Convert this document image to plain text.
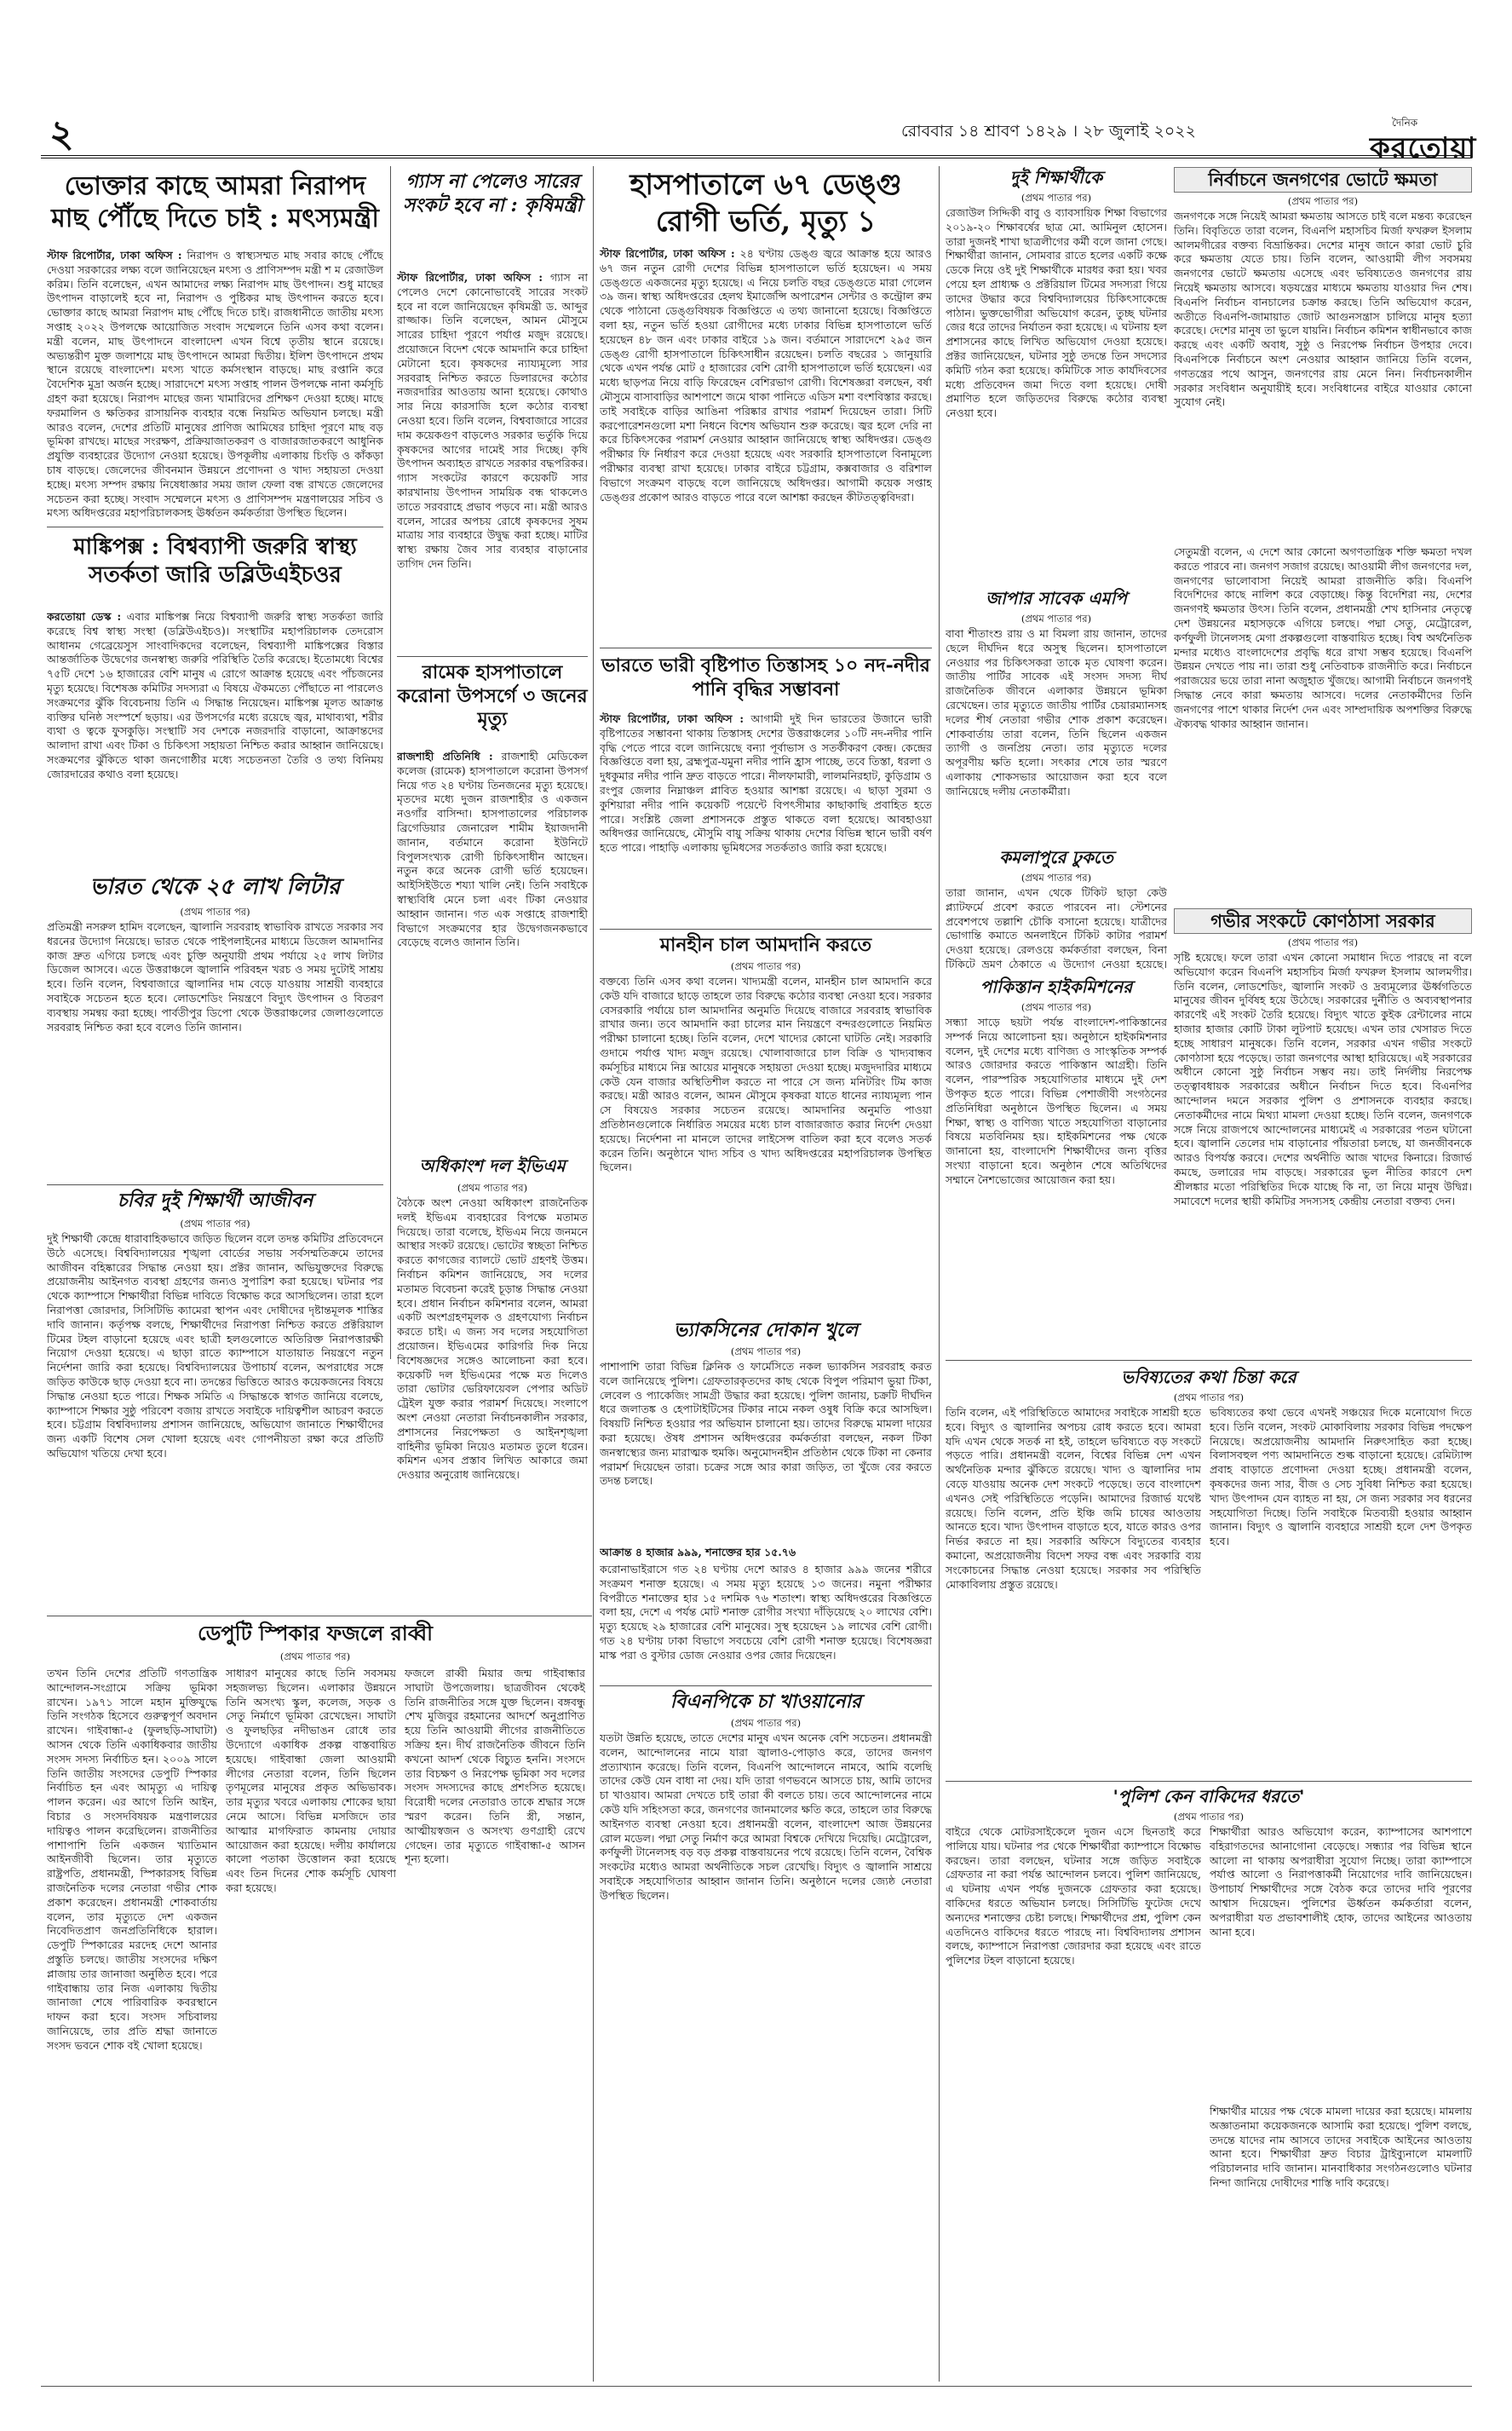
২	রোববার ১৪ শ্রাবণ ১৪২৯ । ২৮ জুলাই ২০২২	দৈনিক
করতোয়া
ভোক্তার কাছে আমরা নিরাপদ মাছ পৌঁছে দিতে চাই : মৎস্যমন্ত্রী
স্টাফ রিপোর্টার, ঢাকা অফিস : নিরাপদ ও স্বাস্থ্যসম্মত মাছ সবার কাছে পৌঁছে দেওয়া সরকারের লক্ষ্য বলে জানিয়েছেন মৎস্য ও প্রাণিসম্পদ মন্ত্রী শ ম রেজাউল করিম। তিনি বলেছেন, এখন আমাদের লক্ষ্য নিরাপদ মাছ উৎপাদন। শুধু মাছের উৎপাদন বাড়ালেই হবে না, নিরাপদ ও পুষ্টিকর মাছ উৎপাদন করতে হবে। ভোক্তার কাছে আমরা নিরাপদ মাছ পৌঁছে দিতে চাই। রাজধানীতে জাতীয় মৎস্য সপ্তাহ ২০২২ উপলক্ষে আয়োজিত সংবাদ সম্মেলনে তিনি এসব কথা বলেন। মন্ত্রী বলেন, মাছ উৎপাদনে বাংলাদেশ এখন বিশ্বে তৃতীয় স্থানে রয়েছে। অভ্যন্তরীণ মুক্ত জলাশয়ে মাছ উৎপাদনে আমরা দ্বিতীয়। ইলিশ উৎপাদনে প্রথম স্থানে রয়েছে বাংলাদেশ। মৎস্য খাতে কর্মসংস্থান বাড়ছে। মাছ রপ্তানি করে বৈদেশিক মুদ্রা অর্জন হচ্ছে। সারাদেশে মৎস্য সপ্তাহ পালন উপলক্ষে নানা কর্মসূচি গ্রহণ করা হয়েছে। নিরাপদ মাছের জন্য খামারিদের প্রশিক্ষণ দেওয়া হচ্ছে। মাছে ফরমালিন ও ক্ষতিকর রাসায়নিক ব্যবহার বন্ধে নিয়মিত অভিযান চলছে। মন্ত্রী আরও বলেন, দেশের প্রতিটি মানুষের প্রাণিজ আমিষের চাহিদা পূরণে মাছ বড় ভূমিকা রাখছে। মাছের সংরক্ষণ, প্রক্রিয়াজাতকরণ ও বাজারজাতকরণে আধুনিক প্রযুক্তি ব্যবহারের উদ্যোগ নেওয়া হয়েছে। উপকূলীয় এলাকায় চিংড়ি ও কাঁকড়া চাষ বাড়ছে। জেলেদের জীবনমান উন্নয়নে প্রণোদনা ও খাদ্য সহায়তা দেওয়া হচ্ছে। মৎস্য সম্পদ রক্ষায় নিষেধাজ্ঞার সময় জাল ফেলা বন্ধ রাখতে জেলেদের সচেতন করা হচ্ছে। সংবাদ সম্মেলনে মৎস্য ও প্রাণিসম্পদ মন্ত্রণালয়ের সচিব ও মৎস্য অধিদপ্তরের মহাপরিচালকসহ ঊর্ধ্বতন কর্মকর্তারা উপস্থিত ছিলেন।
মাঙ্কিপক্স : বিশ্বব্যাপী জরুরি স্বাস্থ্য সতর্কতা জারি ডব্লিউএইচওর
করতোয়া ডেস্ক : এবার মাঙ্কিপক্স নিয়ে বিশ্বব্যাপী জরুরি স্বাস্থ্য সতর্কতা জারি করেছে বিশ্ব স্বাস্থ্য সংস্থা (ডব্লিউএইচও)। সংস্থাটির মহাপরিচালক তেদরোস আধানম গেব্রেয়েসুস সাংবাদিকদের বলেছেন, বিশ্বব্যাপী মাঙ্কিপক্সের বিস্তার আন্তর্জাতিক উদ্বেগের জনস্বাস্থ্য জরুরি পরিস্থিতি তৈরি করেছে। ইতোমধ্যে বিশ্বের ৭৫টি দেশে ১৬ হাজারের বেশি মানুষ এ রোগে আক্রান্ত হয়েছে এবং পাঁচজনের মৃত্যু হয়েছে। বিশেষজ্ঞ কমিটির সদস্যরা এ বিষয়ে ঐকমত্যে পৌঁছাতে না পারলেও সংক্রমণের ঝুঁকি বিবেচনায় তিনি এ সিদ্ধান্ত নিয়েছেন। মাঙ্কিপক্স মূলত আক্রান্ত ব্যক্তির ঘনিষ্ঠ সংস্পর্শে ছড়ায়। এর উপসর্গের মধ্যে রয়েছে জ্বর, মাথাব্যথা, শরীর ব্যথা ও ত্বকে ফুসকুড়ি। সংস্থাটি সব দেশকে নজরদারি বাড়ানো, আক্রান্তদের আলাদা রাখা এবং টিকা ও চিকিৎসা সহায়তা নিশ্চিত করার আহ্বান জানিয়েছে। সংক্রমণের ঝুঁকিতে থাকা জনগোষ্ঠীর মধ্যে সচেতনতা তৈরি ও তথ্য বিনিময় জোরদারের কথাও বলা হয়েছে।
ভারত থেকে ২৫ লাখ লিটার
(প্রথম পাতার পর)
প্রতিমন্ত্রী নসরুল হামিদ বলেছেন, জ্বালানি সরবরাহ স্বাভাবিক রাখতে সরকার সব ধরনের উদ্যোগ নিয়েছে। ভারত থেকে পাইপলাইনের মাধ্যমে ডিজেল আমদানির কাজ দ্রুত এগিয়ে চলছে এবং চুক্তি অনুযায়ী প্রথম পর্যায়ে ২৫ লাখ লিটার ডিজেল আসবে। এতে উত্তরাঞ্চলে জ্বালানি পরিবহন খরচ ও সময় দুটোই সাশ্রয় হবে। তিনি বলেন, বিশ্ববাজারে জ্বালানির দাম বেড়ে যাওয়ায় সাশ্রয়ী ব্যবহারে সবাইকে সচেতন হতে হবে। লোডশেডিং নিয়ন্ত্রণে বিদ্যুৎ উৎপাদন ও বিতরণ ব্যবস্থায় সমন্বয় করা হচ্ছে। পার্বতীপুর ডিপো থেকে উত্তরাঞ্চলের জেলাগুলোতে সরবরাহ নিশ্চিত করা হবে বলেও তিনি জানান।
চবির দুই শিক্ষার্থী আজীবন
(প্রথম পাতার পর)
দুই শিক্ষার্থী কেন্দ্রে ধারাবাহিকভাবে জড়িত ছিলেন বলে তদন্ত কমিটির প্রতিবেদনে উঠে এসেছে। বিশ্ববিদ্যালয়ের শৃঙ্খলা বোর্ডের সভায় সর্বসম্মতিক্রমে তাদের আজীবন বহিষ্কারের সিদ্ধান্ত নেওয়া হয়। প্রক্টর জানান, অভিযুক্তদের বিরুদ্ধে প্রয়োজনীয় আইনগত ব্যবস্থা গ্রহণের জন্যও সুপারিশ করা হয়েছে। ঘটনার পর থেকে ক্যাম্পাসে শিক্ষার্থীরা বিভিন্ন দাবিতে বিক্ষোভ করে আসছিলেন। তারা হলে নিরাপত্তা জোরদার, সিসিটিভি ক্যামেরা স্থাপন এবং দোষীদের দৃষ্টান্তমূলক শাস্তির দাবি জানান। কর্তৃপক্ষ বলছে, শিক্ষার্থীদের নিরাপত্তা নিশ্চিত করতে প্রক্টরিয়াল টিমের টহল বাড়ানো হয়েছে এবং ছাত্রী হলগুলোতে অতিরিক্ত নিরাপত্তারক্ষী নিয়োগ দেওয়া হয়েছে। এ ছাড়া রাতে ক্যাম্পাসে যাতায়াত নিয়ন্ত্রণে নতুন নির্দেশনা জারি করা হয়েছে। বিশ্ববিদ্যালয়ের উপাচার্য বলেন, অপরাধের সঙ্গে জড়িত কাউকে ছাড় দেওয়া হবে না। তদন্তের ভিত্তিতে আরও কয়েকজনের বিষয়ে সিদ্ধান্ত নেওয়া হতে পারে। শিক্ষক সমিতি এ সিদ্ধান্তকে স্বাগত জানিয়ে বলেছে, ক্যাম্পাসে শিক্ষার সুষ্ঠু পরিবেশ বজায় রাখতে সবাইকে দায়িত্বশীল আচরণ করতে হবে। চট্টগ্রাম বিশ্ববিদ্যালয় প্রশাসন জানিয়েছে, অভিযোগ জানাতে শিক্ষার্থীদের জন্য একটি বিশেষ সেল খোলা হয়েছে এবং গোপনীয়তা রক্ষা করে প্রতিটি অভিযোগ খতিয়ে দেখা হবে।
গ্যাস না পেলেও সারের সংকট হবে না : কৃষিমন্ত্রী
স্টাফ রিপোর্টার, ঢাকা অফিস : গ্যাস না পেলেও দেশে কোনোভাবেই সারের সংকট হবে না বলে জানিয়েছেন কৃষিমন্ত্রী ড. আব্দুর রাজ্জাক। তিনি বলেছেন, আমন মৌসুমে সারের চাহিদা পূরণে পর্যাপ্ত মজুদ রয়েছে। প্রয়োজনে বিদেশ থেকে আমদানি করে চাহিদা মেটানো হবে। কৃষকদের ন্যায্যমূল্যে সার সরবরাহ নিশ্চিত করতে ডিলারদের কঠোর নজরদারির আওতায় আনা হয়েছে। কোথাও সার নিয়ে কারসাজি হলে কঠোর ব্যবস্থা নেওয়া হবে। তিনি বলেন, বিশ্ববাজারে সারের দাম কয়েকগুণ বাড়লেও সরকার ভর্তুকি দিয়ে কৃষকদের আগের দামেই সার দিচ্ছে। কৃষি উৎপাদন অব্যাহত রাখতে সরকার বদ্ধপরিকর। গ্যাস সংকটের কারণে কয়েকটি সার কারখানায় উৎপাদন সাময়িক বন্ধ থাকলেও তাতে সরবরাহে প্রভাব পড়বে না। মন্ত্রী আরও বলেন, সারের অপচয় রোধে কৃষকদের সুষম মাত্রায় সার ব্যবহারে উদ্বুদ্ধ করা হচ্ছে। মাটির স্বাস্থ্য রক্ষায় জৈব সার ব্যবহার বাড়ানোর তাগিদ দেন তিনি।
রামেক হাসপাতালে করোনা উপসর্গে ৩ জনের মৃত্যু
রাজশাহী প্রতিনিধি : রাজশাহী মেডিকেল কলেজ (রামেক) হাসপাতালে করোনা উপসর্গ নিয়ে গত ২৪ ঘণ্টায় তিনজনের মৃত্যু হয়েছে। মৃতদের মধ্যে দুজন রাজশাহীর ও একজন নওগাঁর বাসিন্দা। হাসপাতালের পরিচালক ব্রিগেডিয়ার জেনারেল শামীম ইয়াজদানী জানান, বর্তমানে করোনা ইউনিটে বিপুলসংখ্যক রোগী চিকিৎসাধীন আছেন। নতুন করে অনেক রোগী ভর্তি হয়েছেন। আইসিইউতে শয্যা খালি নেই। তিনি সবাইকে স্বাস্থ্যবিধি মেনে চলা এবং টিকা নেওয়ার আহ্বান জানান। গত এক সপ্তাহে রাজশাহী বিভাগে সংক্রমণের হার উদ্বেগজনকভাবে বেড়েছে বলেও জানান তিনি।
অধিকাংশ দল ইভিএম
(প্রথম পাতার পর)
বৈঠকে অংশ নেওয়া অধিকাংশ রাজনৈতিক দলই ইভিএম ব্যবহারের বিপক্ষে মতামত দিয়েছে। তারা বলেছে, ইভিএম নিয়ে জনমনে আস্থার সংকট রয়েছে। ভোটের স্বচ্ছতা নিশ্চিত করতে কাগজের ব্যালটে ভোট গ্রহণই উত্তম। নির্বাচন কমিশন জানিয়েছে, সব দলের মতামত বিবেচনা করেই চূড়ান্ত সিদ্ধান্ত নেওয়া হবে। প্রধান নির্বাচন কমিশনার বলেন, আমরা একটি অংশগ্রহণমূলক ও গ্রহণযোগ্য নির্বাচন করতে চাই। এ জন্য সব দলের সহযোগিতা প্রয়োজন। ইভিএমের কারিগরি দিক নিয়ে বিশেষজ্ঞদের সঙ্গেও আলোচনা করা হবে। কয়েকটি দল ইভিএমের পক্ষে মত দিলেও তারা ভোটার ভেরিফায়েবল পেপার অডিট ট্রেইল যুক্ত করার পরামর্শ দিয়েছে। সংলাপে অংশ নেওয়া নেতারা নির্বাচনকালীন সরকার, প্রশাসনের নিরপেক্ষতা ও আইনশৃঙ্খলা বাহিনীর ভূমিকা নিয়েও মতামত তুলে ধরেন। কমিশন এসব প্রস্তাব লিখিত আকারে জমা দেওয়ার অনুরোধ জানিয়েছে।
হাসপাতালে ৬৭ ডেঙ্গু রোগী ভর্তি, মৃত্যু ১
স্টাফ রিপোর্টার, ঢাকা অফিস : ২৪ ঘণ্টায় ডেঙ্গু জ্বরে আক্রান্ত হয়ে আরও ৬৭ জন নতুন রোগী দেশের বিভিন্ন হাসপাতালে ভর্তি হয়েছেন। এ সময় ডেঙ্গুতে একজনের মৃত্যু হয়েছে। এ নিয়ে চলতি বছর ডেঙ্গুতে মারা গেলেন ৩৯ জন। স্বাস্থ্য অধিদপ্তরের হেলথ ইমার্জেন্সি অপারেশন সেন্টার ও কন্ট্রোল রুম থেকে পাঠানো ডেঙ্গুবিষয়ক বিজ্ঞপ্তিতে এ তথ্য জানানো হয়েছে। বিজ্ঞপ্তিতে বলা হয়, নতুন ভর্তি হওয়া রোগীদের মধ্যে ঢাকার বিভিন্ন হাসপাতালে ভর্তি হয়েছেন ৪৮ জন এবং ঢাকার বাইরে ১৯ জন। বর্তমানে সারাদেশে ২৯৫ জন ডেঙ্গু রোগী হাসপাতালে চিকিৎসাধীন রয়েছেন। চলতি বছরের ১ জানুয়ারি থেকে এখন পর্যন্ত মোট ৫ হাজারের বেশি রোগী হাসপাতালে ভর্তি হয়েছেন। এর মধ্যে ছাড়পত্র নিয়ে বাড়ি ফিরেছেন বেশিরভাগ রোগী। বিশেষজ্ঞরা বলছেন, বর্ষা মৌসুমে বাসাবাড়ির আশপাশে জমে থাকা পানিতে এডিস মশা বংশবিস্তার করছে। তাই সবাইকে বাড়ির আঙিনা পরিষ্কার রাখার পরামর্শ দিয়েছেন তারা। সিটি করপোরেশনগুলো মশা নিধনে বিশেষ অভিযান শুরু করেছে। জ্বর হলে দেরি না করে চিকিৎসকের পরামর্শ নেওয়ার আহ্বান জানিয়েছে স্বাস্থ্য অধিদপ্তর। ডেঙ্গু পরীক্ষার ফি নির্ধারণ করে দেওয়া হয়েছে এবং সরকারি হাসপাতালে বিনামূল্যে পরীক্ষার ব্যবস্থা রাখা হয়েছে। ঢাকার বাইরে চট্টগ্রাম, কক্সবাজার ও বরিশাল বিভাগে সংক্রমণ বাড়ছে বলে জানিয়েছে অধিদপ্তর। আগামী কয়েক সপ্তাহ ডেঙ্গুর প্রকোপ আরও বাড়তে পারে বলে আশঙ্কা করছেন কীটতত্ত্ববিদরা।
ভারতে ভারী বৃষ্টিপাত তিস্তাসহ ১০ নদ-নদীর পানি বৃদ্ধির সম্ভাবনা
স্টাফ রিপোর্টার, ঢাকা অফিস : আগামী দুই দিন ভারতের উজানে ভারী বৃষ্টিপাতের সম্ভাবনা থাকায় তিস্তাসহ দেশের উত্তরাঞ্চলের ১০টি নদ-নদীর পানি বৃদ্ধি পেতে পারে বলে জানিয়েছে বন্যা পূর্বাভাস ও সতর্কীকরণ কেন্দ্র। কেন্দ্রের বিজ্ঞপ্তিতে বলা হয়, ব্রহ্মপুত্র-যমুনা নদীর পানি হ্রাস পাচ্ছে, তবে তিস্তা, ধরলা ও দুধকুমার নদীর পানি দ্রুত বাড়তে পারে। নীলফামারী, লালমনিরহাট, কুড়িগ্রাম ও রংপুর জেলার নিম্নাঞ্চল প্লাবিত হওয়ার আশঙ্কা রয়েছে। এ ছাড়া সুরমা ও কুশিয়ারা নদীর পানি কয়েকটি পয়েন্টে বিপৎসীমার কাছাকাছি প্রবাহিত হতে পারে। সংশ্লিষ্ট জেলা প্রশাসনকে প্রস্তুত থাকতে বলা হয়েছে। আবহাওয়া অধিদপ্তর জানিয়েছে, মৌসুমি বায়ু সক্রিয় থাকায় দেশের বিভিন্ন স্থানে ভারী বর্ষণ হতে পারে। পাহাড়ি এলাকায় ভূমিধসের সতর্কতাও জারি করা হয়েছে।
মানহীন চাল আমদানি করতে
(প্রথম পাতার পর)
বক্তব্যে তিনি এসব কথা বলেন। খাদ্যমন্ত্রী বলেন, মানহীন চাল আমদানি করে কেউ যদি বাজারে ছাড়ে তাহলে তার বিরুদ্ধে কঠোর ব্যবস্থা নেওয়া হবে। সরকার বেসরকারি পর্যায়ে চাল আমদানির অনুমতি দিয়েছে বাজারে সরবরাহ স্বাভাবিক রাখার জন্য। তবে আমদানি করা চালের মান নিয়ন্ত্রণে বন্দরগুলোতে নিয়মিত পরীক্ষা চালানো হচ্ছে। তিনি বলেন, দেশে খাদ্যের কোনো ঘাটতি নেই। সরকারি গুদামে পর্যাপ্ত খাদ্য মজুদ রয়েছে। খোলাবাজারে চাল বিক্রি ও খাদ্যবান্ধব কর্মসূচির মাধ্যমে নিম্ন আয়ের মানুষকে সহায়তা দেওয়া হচ্ছে। মজুদদারির মাধ্যমে কেউ যেন বাজার অস্থিতিশীল করতে না পারে সে জন্য মনিটরিং টিম কাজ করছে। মন্ত্রী আরও বলেন, আমন মৌসুমে কৃষকরা যাতে ধানের ন্যায্যমূল্য পান সে বিষয়েও সরকার সচেতন রয়েছে। আমদানির অনুমতি পাওয়া প্রতিষ্ঠানগুলোকে নির্ধারিত সময়ের মধ্যে চাল বাজারজাত করার নির্দেশ দেওয়া হয়েছে। নির্দেশনা না মানলে তাদের লাইসেন্স বাতিল করা হবে বলেও সতর্ক করেন তিনি। অনুষ্ঠানে খাদ্য সচিব ও খাদ্য অধিদপ্তরের মহাপরিচালক উপস্থিত ছিলেন।
ভ্যাকসিনের দোকান খুলে
(প্রথম পাতার পর)
পাশাপাশি তারা বিভিন্ন ক্লিনিক ও ফার্মেসিতে নকল ভ্যাকসিন সরবরাহ করত বলে জানিয়েছে পুলিশ। গ্রেফতারকৃতদের কাছ থেকে বিপুল পরিমাণ ভুয়া টিকা, লেবেল ও প্যাকেজিং সামগ্রী উদ্ধার করা হয়েছে। পুলিশ জানায়, চক্রটি দীর্ঘদিন ধরে জলাতঙ্ক ও হেপাটাইটিসের টিকার নামে নকল ওষুধ বিক্রি করে আসছিল। বিষয়টি নিশ্চিত হওয়ার পর অভিযান চালানো হয়। তাদের বিরুদ্ধে মামলা দায়ের করা হয়েছে। ঔষধ প্রশাসন অধিদপ্তরের কর্মকর্তারা বলছেন, নকল টিকা জনস্বাস্থ্যের জন্য মারাত্মক হুমকি। অনুমোদনহীন প্রতিষ্ঠান থেকে টিকা না কেনার পরামর্শ দিয়েছেন তারা। চক্রের সঙ্গে আর কারা জড়িত, তা খুঁজে বের করতে তদন্ত চলছে।
আক্রান্ত ৪ হাজার ৯৯৯, শনাক্তের হার ১৫.৭৬
করোনাভাইরাসে গত ২৪ ঘণ্টায় দেশে আরও ৪ হাজার ৯৯৯ জনের শরীরে সংক্রমণ শনাক্ত হয়েছে। এ সময় মৃত্যু হয়েছে ১৩ জনের। নমুনা পরীক্ষার বিপরীতে শনাক্তের হার ১৫ দশমিক ৭৬ শতাংশ। স্বাস্থ্য অধিদপ্তরের বিজ্ঞপ্তিতে বলা হয়, দেশে এ পর্যন্ত মোট শনাক্ত রোগীর সংখ্যা দাঁড়িয়েছে ২০ লাখের বেশি। মৃত্যু হয়েছে ২৯ হাজারের বেশি মানুষের। সুস্থ হয়েছেন ১৯ লাখের বেশি রোগী। গত ২৪ ঘণ্টায় ঢাকা বিভাগে সবচেয়ে বেশি রোগী শনাক্ত হয়েছে। বিশেষজ্ঞরা মাস্ক পরা ও বুস্টার ডোজ নেওয়ার ওপর জোর দিয়েছেন।
দুই শিক্ষার্থীকে
(প্রথম পাতার পর)
রেজাউল সিদ্দিকী বাবু ও ব্যাবসায়িক শিক্ষা বিভাগের ২০১৯-২০ শিক্ষাবর্ষের ছাত্র মো. আমিনুল হোসেন। তারা দুজনই শাখা ছাত্রলীগের কর্মী বলে জানা গেছে। শিক্ষার্থীরা জানান, সোমবার রাতে হলের একটি কক্ষে ডেকে নিয়ে ওই দুই শিক্ষার্থীকে মারধর করা হয়। খবর পেয়ে হল প্রাধ্যক্ষ ও প্রক্টরিয়াল টিমের সদস্যরা গিয়ে তাদের উদ্ধার করে বিশ্ববিদ্যালয়ের চিকিৎসাকেন্দ্রে পাঠান। ভুক্তভোগীরা অভিযোগ করেন, তুচ্ছ ঘটনার জের ধরে তাদের নির্যাতন করা হয়েছে। এ ঘটনায় হল প্রশাসনের কাছে লিখিত অভিযোগ দেওয়া হয়েছে। প্রক্টর জানিয়েছেন, ঘটনার সুষ্ঠু তদন্তে তিন সদস্যের কমিটি গঠন করা হয়েছে। কমিটিকে সাত কার্যদিবসের মধ্যে প্রতিবেদন জমা দিতে বলা হয়েছে। দোষী প্রমাণিত হলে জড়িতদের বিরুদ্ধে কঠোর ব্যবস্থা নেওয়া হবে।
জাপার সাবেক এমপি
(প্রথম পাতার পর)
বাবা শীতাংশু রায় ও মা বিমলা রায় জানান, তাদের ছেলে দীর্ঘদিন ধরে অসুস্থ ছিলেন। হাসপাতালে নেওয়ার পর চিকিৎসকরা তাকে মৃত ঘোষণা করেন। জাতীয় পার্টির সাবেক এই সংসদ সদস্য দীর্ঘ রাজনৈতিক জীবনে এলাকার উন্নয়নে ভূমিকা রেখেছেন। তার মৃত্যুতে জাতীয় পার্টির চেয়ারম্যানসহ দলের শীর্ষ নেতারা গভীর শোক প্রকাশ করেছেন। শোকবার্তায় তারা বলেন, তিনি ছিলেন একজন ত্যাগী ও জনপ্রিয় নেতা। তার মৃত্যুতে দলের অপূরণীয় ক্ষতি হলো। সৎকার শেষে তার স্মরণে এলাকায় শোকসভার আয়োজন করা হবে বলে জানিয়েছে দলীয় নেতাকর্মীরা।
কমলাপুরে ঢুকতে
(প্রথম পাতার পর)
তারা জানান, এখন থেকে টিকিট ছাড়া কেউ প্ল্যাটফর্মে প্রবেশ করতে পারবেন না। স্টেশনের প্রবেশপথে তল্লাশি চৌকি বসানো হয়েছে। যাত্রীদের ভোগান্তি কমাতে অনলাইনে টিকিট কাটার পরামর্শ দেওয়া হয়েছে। রেলওয়ে কর্মকর্তারা বলছেন, বিনা টিকিটে ভ্রমণ ঠেকাতে এ উদ্যোগ নেওয়া হয়েছে।
পাকিস্তান হাইকমিশনের
(প্রথম পাতার পর)
সন্ধ্যা সাড়ে ছয়টা পর্যন্ত বাংলাদেশ-পাকিস্তানের সম্পর্ক নিয়ে আলোচনা হয়। অনুষ্ঠানে হাইকমিশনার বলেন, দুই দেশের মধ্যে বাণিজ্য ও সাংস্কৃতিক সম্পর্ক আরও জোরদার করতে পাকিস্তান আগ্রহী। তিনি বলেন, পারস্পরিক সহযোগিতার মাধ্যমে দুই দেশ উপকৃত হতে পারে। বিভিন্ন পেশাজীবী সংগঠনের প্রতিনিধিরা অনুষ্ঠানে উপস্থিত ছিলেন। এ সময় শিক্ষা, স্বাস্থ্য ও বাণিজ্য খাতে সহযোগিতা বাড়ানোর বিষয়ে মতবিনিময় হয়। হাইকমিশনের পক্ষ থেকে জানানো হয়, বাংলাদেশি শিক্ষার্থীদের জন্য বৃত্তির সংখ্যা বাড়ানো হবে। অনুষ্ঠান শেষে অতিথিদের সম্মানে নৈশভোজের আয়োজন করা হয়।
নির্বাচনে জনগণের ভোটে ক্ষমতা
(প্রথম পাতার পর)
জনগণকে সঙ্গে নিয়েই আমরা ক্ষমতায় আসতে চাই বলে মন্তব্য করেছেন তিনি। বিবৃতিতে তারা বলেন, বিএনপি মহাসচিব মির্জা ফখরুল ইসলাম আলমগীরের বক্তব্য বিভ্রান্তিকর। দেশের মানুষ জানে কারা ভোট চুরি করে ক্ষমতায় যেতে চায়। তিনি বলেন, আওয়ামী লীগ সবসময় জনগণের ভোটে ক্ষমতায় এসেছে এবং ভবিষ্যতেও জনগণের রায় নিয়েই ক্ষমতায় আসবে। ষড়যন্ত্রের মাধ্যমে ক্ষমতায় যাওয়ার দিন শেষ। বিএনপি নির্বাচন বানচালের চক্রান্ত করছে। তিনি অভিযোগ করেন, অতীতে বিএনপি-জামায়াত জোট আগুনসন্ত্রাস চালিয়ে মানুষ হত্যা করেছে। দেশের মানুষ তা ভুলে যায়নি। নির্বাচন কমিশন স্বাধীনভাবে কাজ করছে এবং একটি অবাধ, সুষ্ঠু ও নিরপেক্ষ নির্বাচন উপহার দেবে। বিএনপিকে নির্বাচনে অংশ নেওয়ার আহ্বান জানিয়ে তিনি বলেন, গণতন্ত্রের পথে আসুন, জনগণের রায় মেনে নিন। নির্বাচনকালীন সরকার সংবিধান অনুযায়ীই হবে। সংবিধানের বাইরে যাওয়ার কোনো সুযোগ নেই।
সেতুমন্ত্রী বলেন, এ দেশে আর কোনো অগণতান্ত্রিক শক্তি ক্ষমতা দখল করতে পারবে না। জনগণ সজাগ রয়েছে। আওয়ামী লীগ জনগণের দল, জনগণের ভালোবাসা নিয়েই আমরা রাজনীতি করি। বিএনপি বিদেশিদের কাছে নালিশ করে বেড়াচ্ছে। কিন্তু বিদেশিরা নয়, দেশের জনগণই ক্ষমতার উৎস। তিনি বলেন, প্রধানমন্ত্রী শেখ হাসিনার নেতৃত্বে দেশ উন্নয়নের মহাসড়কে এগিয়ে চলছে। পদ্মা সেতু, মেট্রোরেল, কর্ণফুলী টানেলসহ মেগা প্রকল্পগুলো বাস্তবায়িত হচ্ছে। বিশ্ব অর্থনৈতিক মন্দার মধ্যেও বাংলাদেশের প্রবৃদ্ধি ধরে রাখা সম্ভব হয়েছে। বিএনপি উন্নয়ন দেখতে পায় না। তারা শুধু নেতিবাচক রাজনীতি করে। নির্বাচনে পরাজয়ের ভয়ে তারা নানা অজুহাত খুঁজছে। আগামী নির্বাচনে জনগণই সিদ্ধান্ত নেবে কারা ক্ষমতায় আসবে। দলের নেতাকর্মীদের তিনি জনগণের পাশে থাকার নির্দেশ দেন এবং সাম্প্রদায়িক অপশক্তির বিরুদ্ধে ঐক্যবদ্ধ থাকার আহ্বান জানান।
গভীর সংকটে কোণঠাসা সরকার
(প্রথম পাতার পর)
সৃষ্টি হয়েছে। ফলে তারা এখন কোনো সমাধান দিতে পারছে না বলে অভিযোগ করেন বিএনপি মহাসচিব মির্জা ফখরুল ইসলাম আলমগীর। তিনি বলেন, লোডশেডিং, জ্বালানি সংকট ও দ্রব্যমূল্যের ঊর্ধ্বগতিতে মানুষের জীবন দুর্বিষহ হয়ে উঠেছে। সরকারের দুর্নীতি ও অব্যবস্থাপনার কারণেই এই সংকট তৈরি হয়েছে। বিদ্যুৎ খাতে কুইক রেন্টালের নামে হাজার হাজার কোটি টাকা লুটপাট হয়েছে। এখন তার খেসারত দিতে হচ্ছে সাধারণ মানুষকে। তিনি বলেন, সরকার এখন গভীর সংকটে কোণঠাসা হয়ে পড়েছে। তারা জনগণের আস্থা হারিয়েছে। এই সরকারের অধীনে কোনো সুষ্ঠু নির্বাচন সম্ভব নয়। তাই নির্দলীয় নিরপেক্ষ তত্ত্বাবধায়ক সরকারের অধীনে নির্বাচন দিতে হবে। বিএনপির আন্দোলন দমনে সরকার পুলিশ ও প্রশাসনকে ব্যবহার করছে। নেতাকর্মীদের নামে মিথ্যা মামলা দেওয়া হচ্ছে। তিনি বলেন, জনগণকে সঙ্গে নিয়ে রাজপথে আন্দোলনের মাধ্যমেই এ সরকারের পতন ঘটানো হবে। জ্বালানি তেলের দাম বাড়ানোর পাঁয়তারা চলছে, যা জনজীবনকে আরও বিপর্যস্ত করবে। দেশের অর্থনীতি আজ খাদের কিনারে। রিজার্ভ কমছে, ডলারের দাম বাড়ছে। সরকারের ভুল নীতির কারণে দেশ শ্রীলঙ্কার মতো পরিস্থিতির দিকে যাচ্ছে কি না, তা নিয়ে মানুষ উদ্বিগ্ন। সমাবেশে দলের স্থায়ী কমিটির সদস্যসহ কেন্দ্রীয় নেতারা বক্তব্য দেন।
ডেপুটি স্পিকার ফজলে রাব্বী
(প্রথম পাতার পর)
তখন তিনি দেশের প্রতিটি গণতান্ত্রিক আন্দোলন-সংগ্রামে সক্রিয় ভূমিকা রাখেন। ১৯৭১ সালে মহান মুক্তিযুদ্ধে তিনি সংগঠক হিসেবে গুরুত্বপূর্ণ অবদান রাখেন। গাইবান্ধা-৫ (ফুলছড়ি-সাঘাটা) আসন থেকে তিনি একাধিকবার জাতীয় সংসদ সদস্য নির্বাচিত হন। ২০০৯ সালে তিনি জাতীয় সংসদের ডেপুটি স্পিকার নির্বাচিত হন এবং আমৃত্যু এ দায়িত্ব পালন করেন। এর আগে তিনি আইন, বিচার ও সংসদবিষয়ক মন্ত্রণালয়ের দায়িত্বও পালন করেছিলেন। রাজনীতির পাশাপাশি তিনি একজন খ্যাতিমান আইনজীবী ছিলেন। তার মৃত্যুতে রাষ্ট্রপতি, প্রধানমন্ত্রী, স্পিকারসহ বিভিন্ন রাজনৈতিক দলের নেতারা গভীর শোক প্রকাশ করেছেন। প্রধানমন্ত্রী শোকবার্তায় বলেন, তার মৃত্যুতে দেশ একজন নিবেদিতপ্রাণ জনপ্রতিনিধিকে হারাল। ডেপুটি স্পিকারের মরদেহ দেশে আনার প্রস্তুতি চলছে। জাতীয় সংসদের দক্ষিণ প্লাজায় তার জানাজা অনুষ্ঠিত হবে। পরে গাইবান্ধায় তার নিজ এলাকায় দ্বিতীয় জানাজা শেষে পারিবারিক কবরস্থানে দাফন করা হবে। সংসদ সচিবালয় জানিয়েছে, তার প্রতি শ্রদ্ধা জানাতে সংসদ ভবনে শোক বই খোলা হয়েছে।
সাধারণ মানুষের কাছে তিনি সবসময় সহজলভ্য ছিলেন। এলাকার উন্নয়নে তিনি অসংখ্য স্কুল, কলেজ, সড়ক ও সেতু নির্মাণে ভূমিকা রেখেছেন। সাঘাটা ও ফুলছড়ির নদীভাঙন রোধে তার উদ্যোগে একাধিক প্রকল্প বাস্তবায়িত হয়েছে। গাইবান্ধা জেলা আওয়ামী লীগের নেতারা বলেন, তিনি ছিলেন তৃণমূলের মানুষের প্রকৃত অভিভাবক। তার মৃত্যুর খবরে এলাকায় শোকের ছায়া নেমে আসে। বিভিন্ন মসজিদে তার আত্মার মাগফিরাত কামনায় দোয়ার আয়োজন করা হয়েছে। দলীয় কার্যালয়ে কালো পতাকা উত্তোলন করা হয়েছে এবং তিন দিনের শোক কর্মসূচি ঘোষণা করা হয়েছে।
ফজলে রাব্বী মিয়ার জন্ম গাইবান্ধার সাঘাটা উপজেলায়। ছাত্রজীবন থেকেই তিনি রাজনীতির সঙ্গে যুক্ত ছিলেন। বঙ্গবন্ধু শেখ মুজিবুর রহমানের আদর্শে অনুপ্রাণিত হয়ে তিনি আওয়ামী লীগের রাজনীতিতে সক্রিয় হন। দীর্ঘ রাজনৈতিক জীবনে তিনি কখনো আদর্শ থেকে বিচ্যুত হননি। সংসদে তার বিচক্ষণ ও নিরপেক্ষ ভূমিকা সব দলের সংসদ সদস্যদের কাছে প্রশংসিত হয়েছে। বিরোধী দলের নেতারাও তাকে শ্রদ্ধার সঙ্গে স্মরণ করেন। তিনি স্ত্রী, সন্তান, আত্মীয়স্বজন ও অসংখ্য গুণগ্রাহী রেখে গেছেন। তার মৃত্যুতে গাইবান্ধা-৫ আসন শূন্য হলো।
বিএনপিকে চা খাওয়ানোর
(প্রথম পাতার পর)
যতটা উন্নতি হয়েছে, তাতে দেশের মানুষ এখন অনেক বেশি সচেতন। প্রধানমন্ত্রী বলেন, আন্দোলনের নামে যারা জ্বালাও-পোড়াও করে, তাদের জনগণ প্রত্যাখ্যান করেছে। তিনি বলেন, বিএনপি আন্দোলনে নামবে, আমি বলেছি তাদের কেউ যেন বাধা না দেয়। যদি তারা গণভবনে আসতে চায়, আমি তাদের চা খাওয়াব। আমরা দেখতে চাই তারা কী বলতে চায়। তবে আন্দোলনের নামে কেউ যদি সহিংসতা করে, জনগণের জানমালের ক্ষতি করে, তাহলে তার বিরুদ্ধে আইনগত ব্যবস্থা নেওয়া হবে। প্রধানমন্ত্রী বলেন, বাংলাদেশ আজ উন্নয়নের রোল মডেল। পদ্মা সেতু নির্মাণ করে আমরা বিশ্বকে দেখিয়ে দিয়েছি। মেট্রোরেল, কর্ণফুলী টানেলসহ বড় বড় প্রকল্প বাস্তবায়নের পথে রয়েছে। তিনি বলেন, বৈশ্বিক সংকটের মধ্যেও আমরা অর্থনীতিকে সচল রেখেছি। বিদ্যুৎ ও জ্বালানি সাশ্রয়ে সবাইকে সহযোগিতার আহ্বান জানান তিনি। অনুষ্ঠানে দলের জ্যেষ্ঠ নেতারা উপস্থিত ছিলেন।
ভবিষ্যতের কথা চিন্তা করে
(প্রথম পাতার পর)
তিনি বলেন, এই পরিস্থিতিতে আমাদের সবাইকে সাশ্রয়ী হতে হবে। বিদ্যুৎ ও জ্বালানির অপচয় রোধ করতে হবে। আমরা যদি এখন থেকে সতর্ক না হই, তাহলে ভবিষ্যতে বড় সংকটে পড়তে পারি। প্রধানমন্ত্রী বলেন, বিশ্বের বিভিন্ন দেশ এখন অর্থনৈতিক মন্দার ঝুঁকিতে রয়েছে। খাদ্য ও জ্বালানির দাম বেড়ে যাওয়ায় অনেক দেশ সংকটে পড়েছে। তবে বাংলাদেশ এখনও সেই পরিস্থিতিতে পড়েনি। আমাদের রিজার্ভ যথেষ্ট রয়েছে। তিনি বলেন, প্রতি ইঞ্চি জমি চাষের আওতায় আনতে হবে। খাদ্য উৎপাদন বাড়াতে হবে, যাতে কারও ওপর নির্ভর করতে না হয়। সরকারি অফিসে বিদ্যুতের ব্যবহার কমানো, অপ্রয়োজনীয় বিদেশ সফর বন্ধ এবং সরকারি ব্যয় সংকোচনের সিদ্ধান্ত নেওয়া হয়েছে। সরকার সব পরিস্থিতি মোকাবিলায় প্রস্তুত রয়েছে।
ভবিষ্যতের কথা ভেবে এখনই সঞ্চয়ের দিকে মনোযোগ দিতে হবে। তিনি বলেন, সংকট মোকাবিলায় সরকার বিভিন্ন পদক্ষেপ নিয়েছে। অপ্রয়োজনীয় আমদানি নিরুৎসাহিত করা হচ্ছে। বিলাসবহুল পণ্য আমদানিতে শুল্ক বাড়ানো হয়েছে। রেমিট্যান্স প্রবাহ বাড়াতে প্রণোদনা দেওয়া হচ্ছে। প্রধানমন্ত্রী বলেন, কৃষকদের জন্য সার, বীজ ও সেচ সুবিধা নিশ্চিত করা হয়েছে। খাদ্য উৎপাদন যেন ব্যাহত না হয়, সে জন্য সরকার সব ধরনের সহযোগিতা দিচ্ছে। তিনি সবাইকে মিতব্যয়ী হওয়ার আহ্বান জানান। বিদ্যুৎ ও জ্বালানি ব্যবহারে সাশ্রয়ী হলে দেশ উপকৃত হবে।
'পুলিশ কেন বাকিদের ধরতে'
(প্রথম পাতার পর)
বাইরে থেকে মোটরসাইকেলে দুজন এসে ছিনতাই করে পালিয়ে যায়। ঘটনার পর থেকে শিক্ষার্থীরা ক্যাম্পাসে বিক্ষোভ করছেন। তারা বলছেন, ঘটনার সঙ্গে জড়িত সবাইকে গ্রেফতার না করা পর্যন্ত আন্দোলন চলবে। পুলিশ জানিয়েছে, এ ঘটনায় এখন পর্যন্ত দুজনকে গ্রেফতার করা হয়েছে। বাকিদের ধরতে অভিযান চলছে। সিসিটিভি ফুটেজ দেখে অন্যদের শনাক্তের চেষ্টা চলছে। শিক্ষার্থীদের প্রশ্ন, পুলিশ কেন এতদিনেও বাকিদের ধরতে পারছে না। বিশ্ববিদ্যালয় প্রশাসন বলছে, ক্যাম্পাসে নিরাপত্তা জোরদার করা হয়েছে এবং রাতে পুলিশের টহল বাড়ানো হয়েছে।
শিক্ষার্থীরা আরও অভিযোগ করেন, ক্যাম্পাসের আশপাশে বহিরাগতদের আনাগোনা বেড়েছে। সন্ধ্যার পর বিভিন্ন স্থানে আলো না থাকায় অপরাধীরা সুযোগ নিচ্ছে। তারা ক্যাম্পাসে পর্যাপ্ত আলো ও নিরাপত্তাকর্মী নিয়োগের দাবি জানিয়েছেন। উপাচার্য শিক্ষার্থীদের সঙ্গে বৈঠক করে তাদের দাবি পূরণের আশ্বাস দিয়েছেন। পুলিশের ঊর্ধ্বতন কর্মকর্তারা বলেন, অপরাধীরা যত প্রভাবশালীই হোক, তাদের আইনের আওতায় আনা হবে।
শিক্ষার্থীর মায়ের পক্ষ থেকে মামলা দায়ের করা হয়েছে। মামলায় অজ্ঞাতনামা কয়েকজনকে আসামি করা হয়েছে। পুলিশ বলছে, তদন্তে যাদের নাম আসবে তাদের সবাইকে আইনের আওতায় আনা হবে। শিক্ষার্থীরা দ্রুত বিচার ট্রাইব্যুনালে মামলাটি পরিচালনার দাবি জানান। মানবাধিকার সংগঠনগুলোও ঘটনার নিন্দা জানিয়ে দোষীদের শাস্তি দাবি করেছে।
